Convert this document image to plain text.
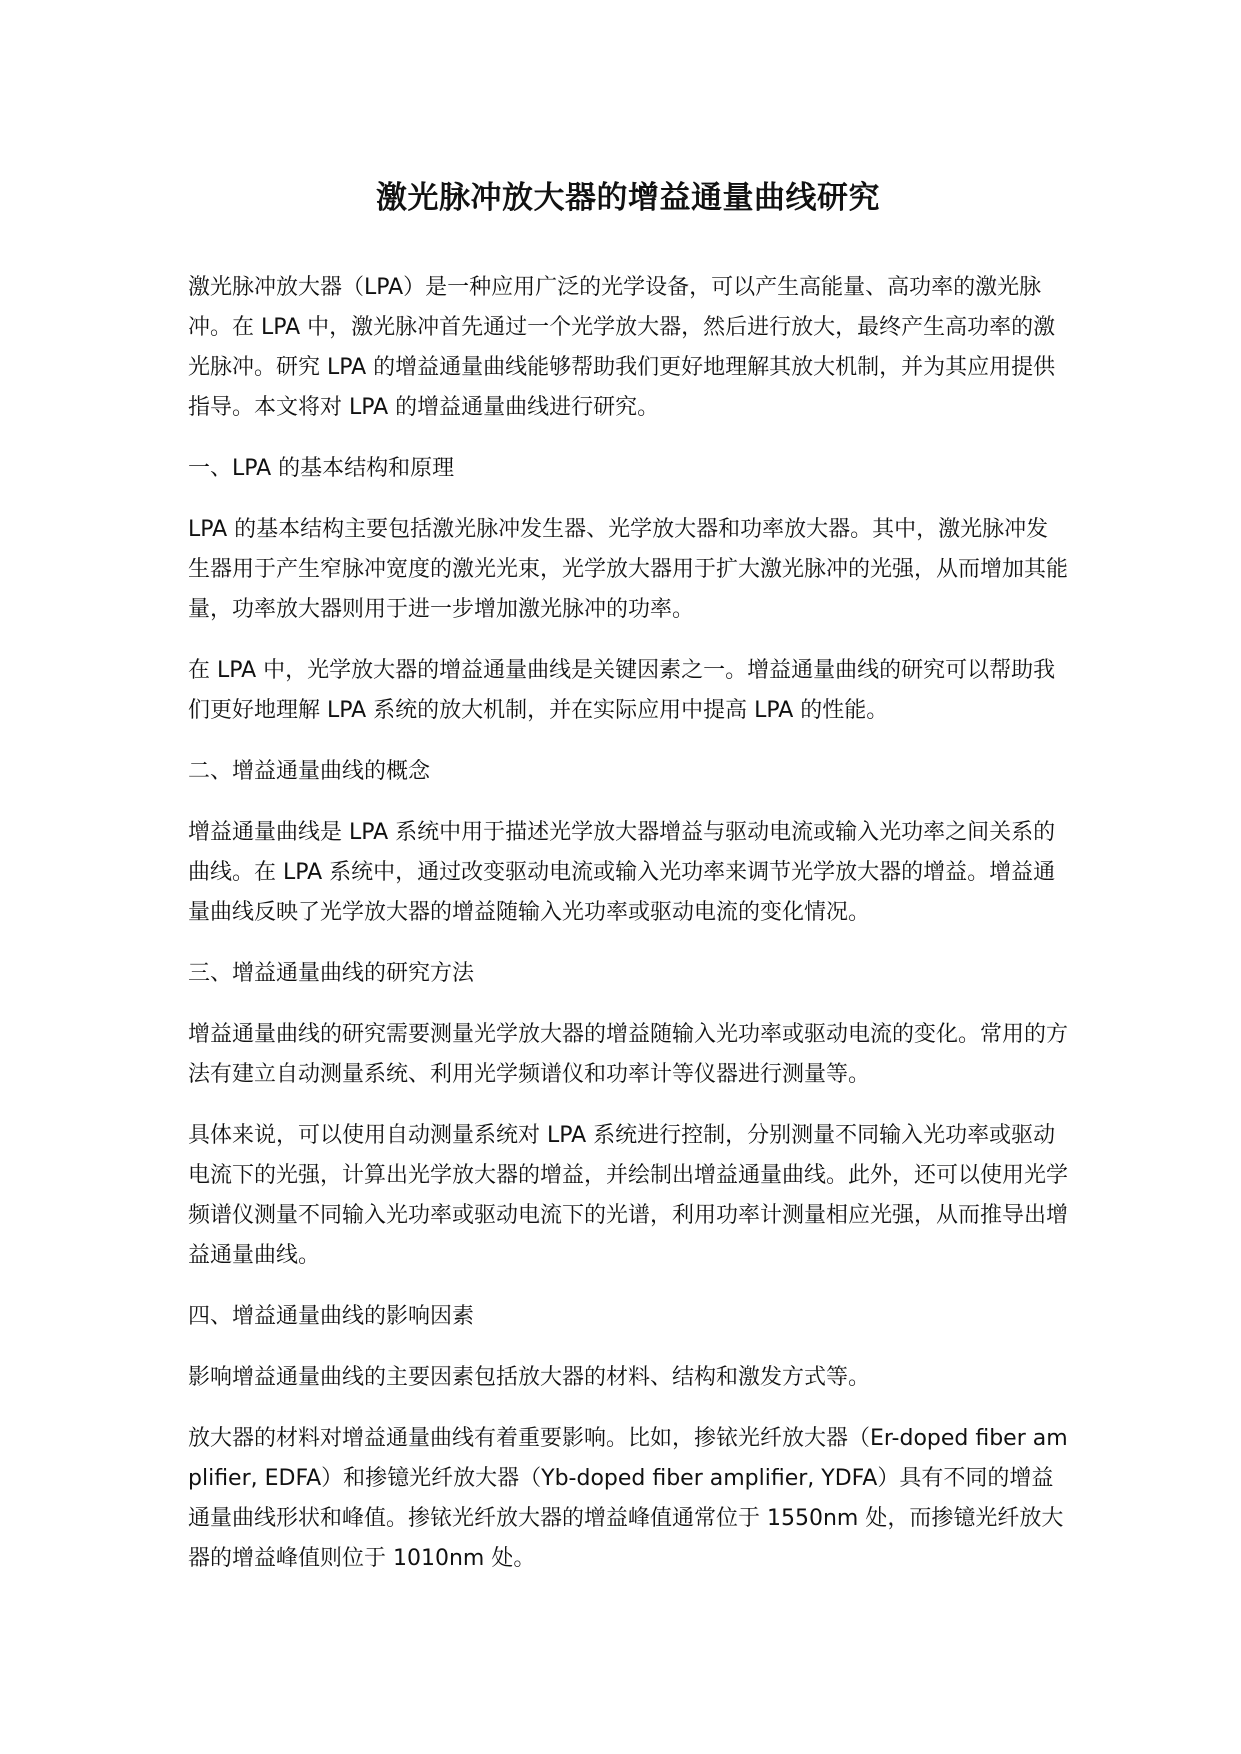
激光脉冲放大器的增益通量曲线研究

激光脉冲放大器（LPA）是一种应用广泛的光学设备，可以产生高能量、高功率的激光脉冲。在 LPA 中，激光脉冲首先通过一个光学放大器，然后进行放大，最终产生高功率的激光脉冲。研究 LPA 的增益通量曲线能够帮助我们更好地理解其放大机制，并为其应用提供指导。本文将对 LPA 的增益通量曲线进行研究。

一、LPA 的基本结构和原理

LPA 的基本结构主要包括激光脉冲发生器、光学放大器和功率放大器。其中，激光脉冲发生器用于产生窄脉冲宽度的激光光束，光学放大器用于扩大激光脉冲的光强，从而增加其能量，功率放大器则用于进一步增加激光脉冲的功率。

在 LPA 中，光学放大器的增益通量曲线是关键因素之一。增益通量曲线的研究可以帮助我们更好地理解 LPA 系统的放大机制，并在实际应用中提高 LPA 的性能。

二、增益通量曲线的概念

增益通量曲线是 LPA 系统中用于描述光学放大器增益与驱动电流或输入光功率之间关系的曲线。在 LPA 系统中，通过改变驱动电流或输入光功率来调节光学放大器的增益。增益通量曲线反映了光学放大器的增益随输入光功率或驱动电流的变化情况。

三、增益通量曲线的研究方法

增益通量曲线的研究需要测量光学放大器的增益随输入光功率或驱动电流的变化。常用的方法有建立自动测量系统、利用光学频谱仪和功率计等仪器进行测量等。

具体来说，可以使用自动测量系统对 LPA 系统进行控制，分别测量不同输入光功率或驱动电流下的光强，计算出光学放大器的增益，并绘制出增益通量曲线。此外，还可以使用光学频谱仪测量不同输入光功率或驱动电流下的光谱，利用功率计测量相应光强，从而推导出增益通量曲线。

四、增益通量曲线的影响因素

影响增益通量曲线的主要因素包括放大器的材料、结构和激发方式等。

放大器的材料对增益通量曲线有着重要影响。比如，掺铱光纤放大器（Er-doped fiber amplifier, EDFA）和掺镱光纤放大器（Yb-doped fiber amplifier, YDFA）具有不同的增益通量曲线形状和峰值。掺铱光纤放大器的增益峰值通常位于 1550nm 处，而掺镱光纤放大器的增益峰值则位于 1010nm 处。
